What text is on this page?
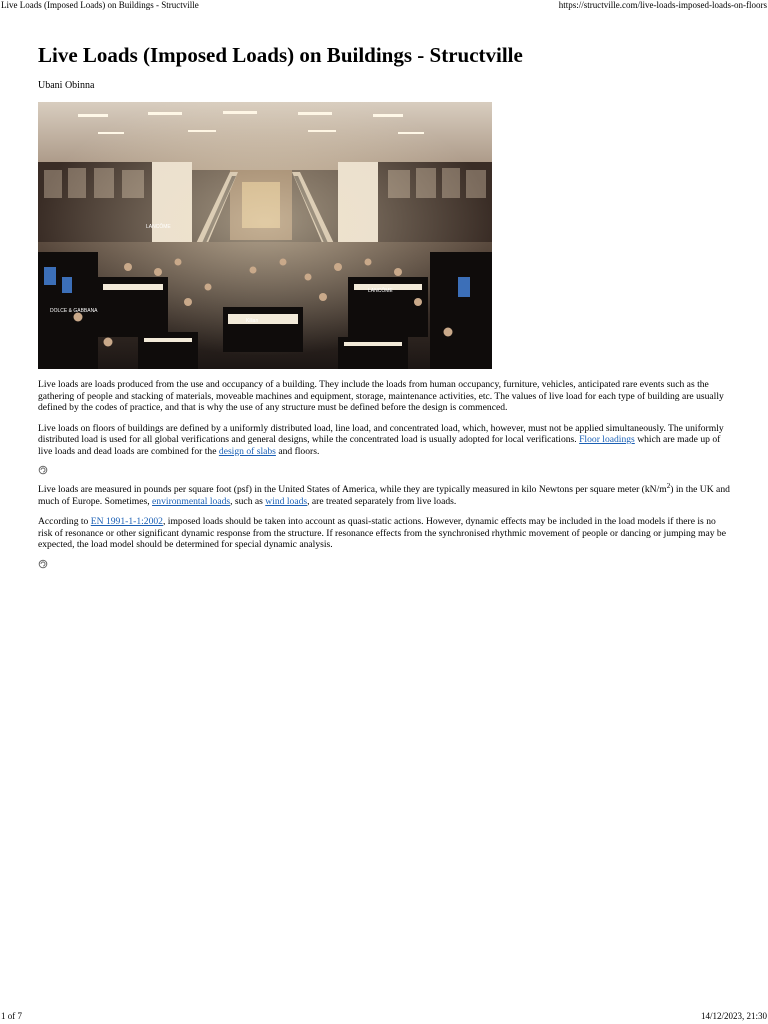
Live Loads (Imposed Loads) on Buildings - Structville	https://structville.com/live-loads-imposed-loads-on-floors
Live Loads (Imposed Loads) on Buildings - Structville
Ubani Obinna
LANCÔME
DOLCE & GABBANA
Kilian
LANCÔME

Live loads are loads produced from the use and occupancy of a building. They include the loads from human occupancy, furniture, vehicles, anticipated rare events such as the gathering of people and stacking of materials, moveable machines and equipment, storage, maintenance activities, etc. The values of live load for each type of building are usually defined by the codes of practice, and that is why the use of any structure must be defined before the design is commenced.

Live loads on floors of buildings are defined by a uniformly distributed load, line load, and concentrated load, which, however, must not be applied simultaneously. The uniformly distributed load is used for all global verifications and general designs, while the concentrated load is usually adopted for local verifications. Floor loadings which are made up of live loads and dead loads are combined for the design of slabs and floors.

Live loads are measured in pounds per square foot (psf) in the United States of America, while they are typically measured in kilo Newtons per square meter $(kN/m^2)$ in the UK and much of Europe. Sometimes, environmental loads, such as wind loads, are treated separately from live loads.

According to EN 1991-1-1:2002, imposed loads should be taken into account as quasi-static actions. However, dynamic effects may be included in the load models if there is no risk of resonance or other significant dynamic response from the structure. If resonance effects from the synchronised rhythmic movement of people or dancing or jumping may be expected, the load model should be determined for special dynamic analysis.

1 of 7	14/12/2023, 21:30
